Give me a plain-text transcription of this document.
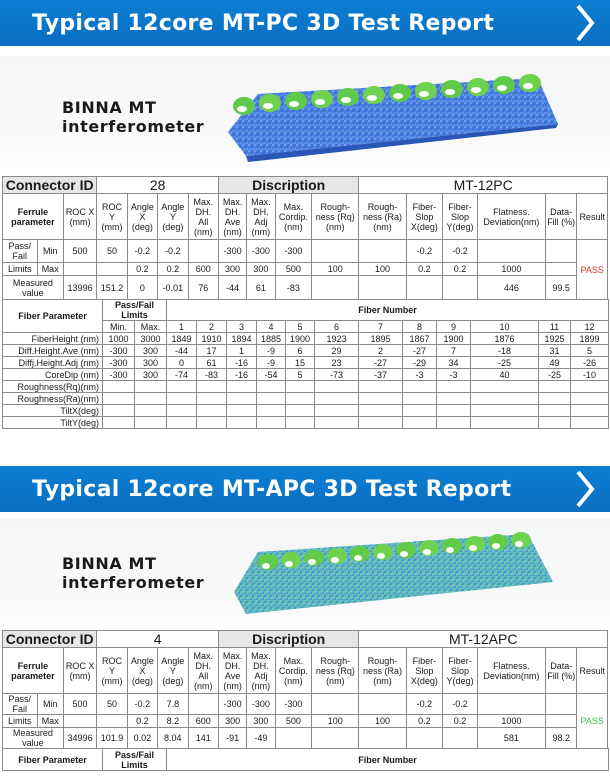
Typical 12core MT-PC 3D Test Report
BINNA MT
interferometer
Connector ID			28				Discription				MT-12PC					
Ferrule parameter		ROC X (mm)	ROC Y (mm)	Angle X (deg)	Angle Y (deg)	Max. DH. All (nm)	Max. DH. Ave (nm)	Max. DH. Adj (nm)	Max. Cordip. (nm)	Rough-ness (Rq)(nm)	Rough-ness (Ra)(nm)	Fiber-Slop X(deg)	Fiber-Slop Y(deg)	Flatness. Deviation(nm)	Data-Fill (%)	Result
Pass/ Fail	Min	500	50	-0.2	-0.2		-300	-300	-300			-0.2	-0.2			PASS
Limits	Max			0.2	0.2	600	300	300	500	100	100	0.2	0.2	1000		
Measured value		13996	151.2	0	-0.01	76	-44	61	-83					446	99.5	
Fiber Parameter	Pass/Fail Limits		Fiber Number											
	Min.	Max.	1	2	3	4	5	6	7	8	9	10	11	12
FiberHeight (nm)	1000	3000	1849	1910	1894	1885	1900	1923	1895	1867	1900	1876	1925	1899
Diff.Height.Ave (nm)	-300	300	-44	17	1	-9	6	29	2	-27	7	-18	31	5
Diffj.Height.Adj (nm)	-300	300	0	61	-16	-9	15	23	-27	-29	34	-25	49	-26
CoreDip (nm)	-300	300	-74	-83	-16	-54	5	-73	-37	-3	-3	40	-25	-10
Roughness(Rq)(nm)														
Roughness(Ra)(nm)														
TiltX(deg)														
TiltY(deg)														
Typical 12core MT-APC 3D Test Report
BINNA MT
interferometer
Connector ID			4				Discription				MT-12APC					
Ferrule parameter		ROC X (mm)	ROC Y (mm)	Angle X (deg)	Angle Y (deg)	Max. DH. All (nm)	Max. DH. Ave (nm)	Max. DH. Adj (nm)	Max. Cordip. (nm)	Rough-ness (Rq)(nm)	Rough-ness (Ra)(nm)	Fiber-Slop X(deg)	Fiber-Slop Y(deg)	Flatness. Deviation(nm)	Data-Fill (%)	Result
Pass/ Fail	Min	500	50	-0.2	7.8		-300	-300	-300			-0.2	-0.2			PASS
Limits	Max			0.2	8.2	600	300	300	500	100	100	0.2	0.2	1000		
Measured value		34996	101.9	0.02	8.04	141	-91	-49						581	98.2	
Fiber Parameter	Pass/Fail Limits	Fiber Number
